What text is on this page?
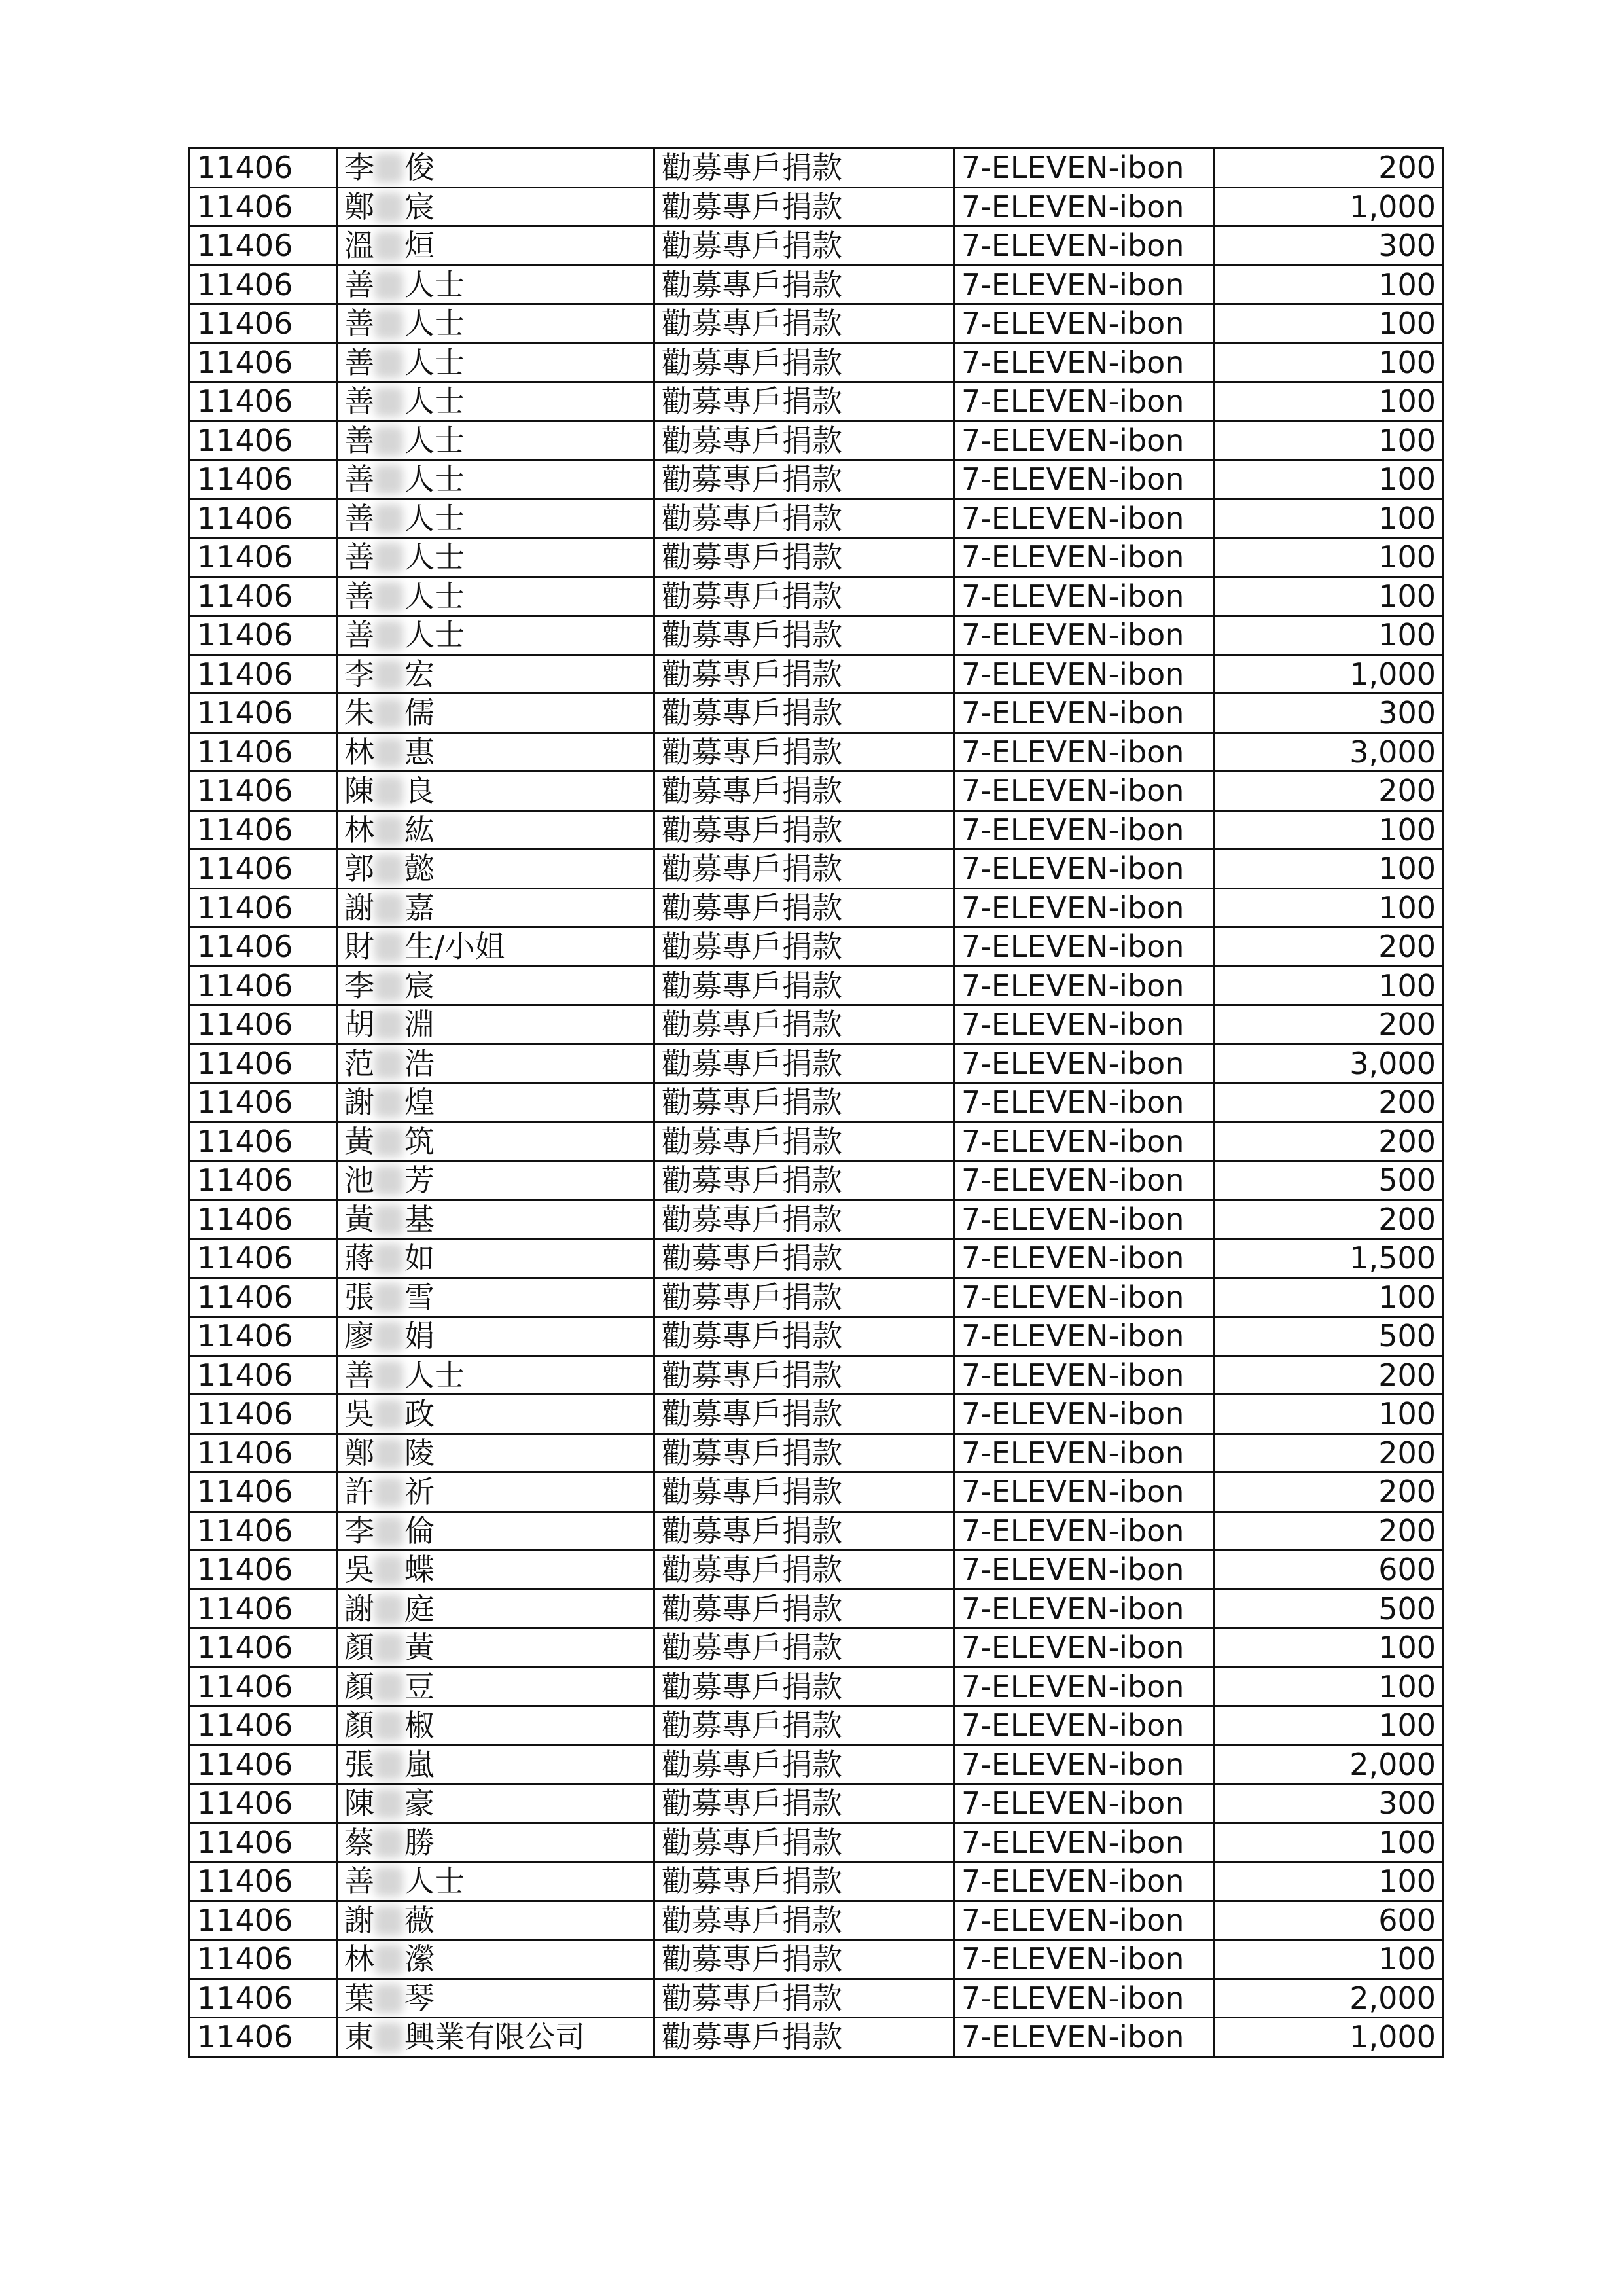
11406	李　俊	勸募專戶捐款	7-ELEVEN-ibon	200
11406	鄭　宸	勸募專戶捐款	7-ELEVEN-ibon	1,000
11406	溫　烜	勸募專戶捐款	7-ELEVEN-ibon	300
11406	善　人士	勸募專戶捐款	7-ELEVEN-ibon	100
11406	善　人士	勸募專戶捐款	7-ELEVEN-ibon	100
11406	善　人士	勸募專戶捐款	7-ELEVEN-ibon	100
11406	善　人士	勸募專戶捐款	7-ELEVEN-ibon	100
11406	善　人士	勸募專戶捐款	7-ELEVEN-ibon	100
11406	善　人士	勸募專戶捐款	7-ELEVEN-ibon	100
11406	善　人士	勸募專戶捐款	7-ELEVEN-ibon	100
11406	善　人士	勸募專戶捐款	7-ELEVEN-ibon	100
11406	善　人士	勸募專戶捐款	7-ELEVEN-ibon	100
11406	善　人士	勸募專戶捐款	7-ELEVEN-ibon	100
11406	李　宏	勸募專戶捐款	7-ELEVEN-ibon	1,000
11406	朱　儒	勸募專戶捐款	7-ELEVEN-ibon	300
11406	林　惠	勸募專戶捐款	7-ELEVEN-ibon	3,000
11406	陳　良	勸募專戶捐款	7-ELEVEN-ibon	200
11406	林　紘	勸募專戶捐款	7-ELEVEN-ibon	100
11406	郭　懿	勸募專戶捐款	7-ELEVEN-ibon	100
11406	謝　嘉	勸募專戶捐款	7-ELEVEN-ibon	100
11406	財　生/小姐	勸募專戶捐款	7-ELEVEN-ibon	200
11406	李　宸	勸募專戶捐款	7-ELEVEN-ibon	100
11406	胡　淵	勸募專戶捐款	7-ELEVEN-ibon	200
11406	范　浩	勸募專戶捐款	7-ELEVEN-ibon	3,000
11406	謝　煌	勸募專戶捐款	7-ELEVEN-ibon	200
11406	黃　筑	勸募專戶捐款	7-ELEVEN-ibon	200
11406	池　芳	勸募專戶捐款	7-ELEVEN-ibon	500
11406	黃　基	勸募專戶捐款	7-ELEVEN-ibon	200
11406	蔣　如	勸募專戶捐款	7-ELEVEN-ibon	1,500
11406	張　雪	勸募專戶捐款	7-ELEVEN-ibon	100
11406	廖　娟	勸募專戶捐款	7-ELEVEN-ibon	500
11406	善　人士	勸募專戶捐款	7-ELEVEN-ibon	200
11406	吳　政	勸募專戶捐款	7-ELEVEN-ibon	100
11406	鄭　陵	勸募專戶捐款	7-ELEVEN-ibon	200
11406	許　祈	勸募專戶捐款	7-ELEVEN-ibon	200
11406	李　倫	勸募專戶捐款	7-ELEVEN-ibon	200
11406	吳　蝶	勸募專戶捐款	7-ELEVEN-ibon	600
11406	謝　庭	勸募專戶捐款	7-ELEVEN-ibon	500
11406	顏　黃	勸募專戶捐款	7-ELEVEN-ibon	100
11406	顏　豆	勸募專戶捐款	7-ELEVEN-ibon	100
11406	顏　椒	勸募專戶捐款	7-ELEVEN-ibon	100
11406	張　嵐	勸募專戶捐款	7-ELEVEN-ibon	2,000
11406	陳　豪	勸募專戶捐款	7-ELEVEN-ibon	300
11406	蔡　勝	勸募專戶捐款	7-ELEVEN-ibon	100
11406	善　人士	勸募專戶捐款	7-ELEVEN-ibon	100
11406	謝　薇	勸募專戶捐款	7-ELEVEN-ibon	600
11406	林　瀠	勸募專戶捐款	7-ELEVEN-ibon	100
11406	葉　琴	勸募專戶捐款	7-ELEVEN-ibon	2,000
11406	東　興業有限公司	勸募專戶捐款	7-ELEVEN-ibon	1,000
